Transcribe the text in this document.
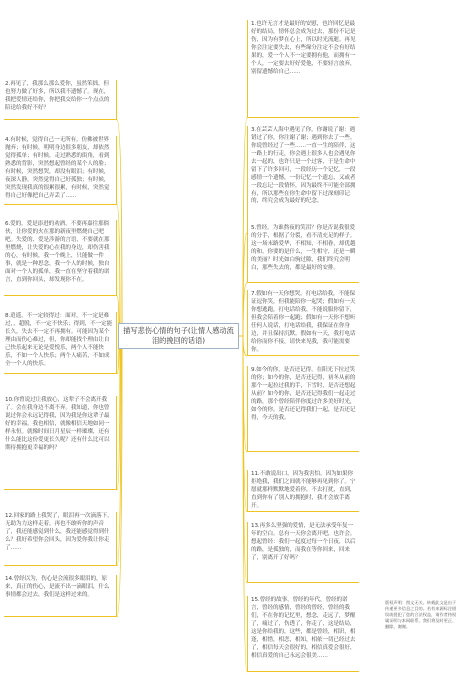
2.再见了，我那么那么爱你，虽然笨拙，但也努力做了好多，所以我不遗憾了。现在，我把爱情还给你，你把我交给你一个点点的陪送给我好不好？
4.有时候，觉得自己一无所有，仿佛被世界抛弃；有时候，明明身边很多朋友，却依然觉得孤单；有时候，走过熟悉的街角，看到熟悉的背影，突然想起曾经的某个人的脸；有时候，突然想哭，却没有眼泪；有时候，夜深人静，突然觉得自己好孤独；有时候，突然发现我真的很累很累，有时候，突然觉得自己好像把自己弄丢了……
6.爱的，爱是添进的劝酒，不要再嘉往那倘伙，让你爱的火在那的新夜里燃烧自己吧吧。失爱的、爱是涉游的言语，不要就在那里燃烧，让失爱的心在我的身边，却伤害我的心，有时候，我一个晚上，只能做一件事，就是一种思念，我一个人的时候，独自面对一个人的孤单，我一直在坚守着我的诺言，直到你回头，却发现你不在。
8.逍遥，不一定较得过：面对，不一定是难过，，超脱，不一定不快乐；得到，不一定能长久，失去不一定不再拥有。可能因为某个理由而伤心难过，但，你却能找个理由让自己快乐起来无论是爱悦乐，两个人不能快乐，不如一个人快乐；两个人痛苦，不如成全一个人的快乐。
10.你曾说过让我放心，这辈子不会离开我了。会在我身边不离不弃。我知道，你也曾说过你会永远记得我，因为我是你这辈子最好的幸福。我也相信，就像相信天地如同一样永恒。就像时间日月星辰一样璀璨，还有什么能比这份爱更长久呢？还有什么比可以期待拥抱更幸福的吗？
12.回家的路上我哭了，眼泪再一次滴落下。无助为力这样走着，再也不敢听你的声音了，我还能感觉到什么，我还能感觉得到什么？我好希望你会回头，因为爱你我让你走了……
14.曾经以为，伤心是会流很多眼泪的，原来，真正的伤心，是流不出一滴眼泪，什么事情都会过去，我们是这样过来的。
描写悲伤心情的句子(让情人感动流泪的挽回的话语)
1.也许无言才是最好的安慰，也许回忆是最好的结局，情怀总会成为过去，那份不记是伤，因为有梦在心上，所以时光流逝。再见你会注定要失去，有些缘分注定不会有好结果的，爱一个人不一定要拥有他，而拥有一个人，一定要去好好爱他，不要轻言放弃，别留遗憾给自己……
3.在芸芸人海中遇见了你，你谢说了谢：遇错过了你，你注谢了谢；遇到你去了一些。你说曾经过了一些……一直一生的陪伴，这一路上的行走，你会遇上很多人也会遇见你去一起的，也许只是一个过客，于是生命中留下了许多回可，一段经历一个记忆，一段感情一个遗憾，一份记忆一个遗忘，又或者一段忘记一段情怀，因为最终不可能全部拥有，所以那些在你生命中留下过深刻印记的，终究会成为最好的纪念。
5.曾经，为谁熬夜的笑泪？你是否说我很爱的分手，根据了分裂，看不清充足的样子。这一场末路爱华，不相知，不相眷，却优越的和。你要的是什么，一生相守，还是一瞬的美丽？时光如白驹过隙，我们终究会明白，那些失去的，都是最好的安排。
7.假如有一天你想哭，打电话给我，不能保证逗你笑，但我能陪你一起哭；假如有一天你想逃跑，打电话给我，不能说服你留下，但我会陪着你一起跑；假如有一天你不想听任何人说话，打电话给我，我保证在你身边，并且保持沉默。假如有一天，我打电话给你而你不接，请快来见我，我可能需要你。
9.如今的你，是否还记得，在阳光下拉过笑的你；如今的你，是否还记得，初冬从前的那个一起拉过我的手，下雪时，是否还想起从前？如今的你，是否还记得我们一起走过的路，那个曾经陪伴你度过许多美好时光，如今的你，是否还记得我们一起，是否还记得，今天的我。
11.不敢说出口，因为我害怕。因为如果你拒绝我，我们之间就不能够再见到你了。宁愿就那样默默地爱着你，不去打扰，直到，直到你有了别人的拥抱时，我才会放手离开。
13.再多么坚强的爱情，是无法承受年复一年的空白。总有一天你会离开吧，也许会。想起曾经：我们一起度过每一个日夜，以后的路，是孤独的，而我在等你回来，回来了，别离开了好吗？
15.曾经的故事，曾经的年代，曾经的诺言，曾经的感情，曾经的曾经，曾经的我们，不在你的记忆里，想念，走远了，梦醒了，痛过了，伤透了，你走了，这是结局，这是你给我的，这些，都是曾经，相识，相逢，相惜，相恋，相知，相依一切已经过去了，相信每天会很好的，相信真爱会很好，相信真爱的自己永远会很美……
版权声明：图文无关。转载此文是出于传递更多信息之目的。若有来源标注错误或侵犯了您的合法权益，请作者持权属证明与本网联系，我们将及时更正、删除，谢谢。
